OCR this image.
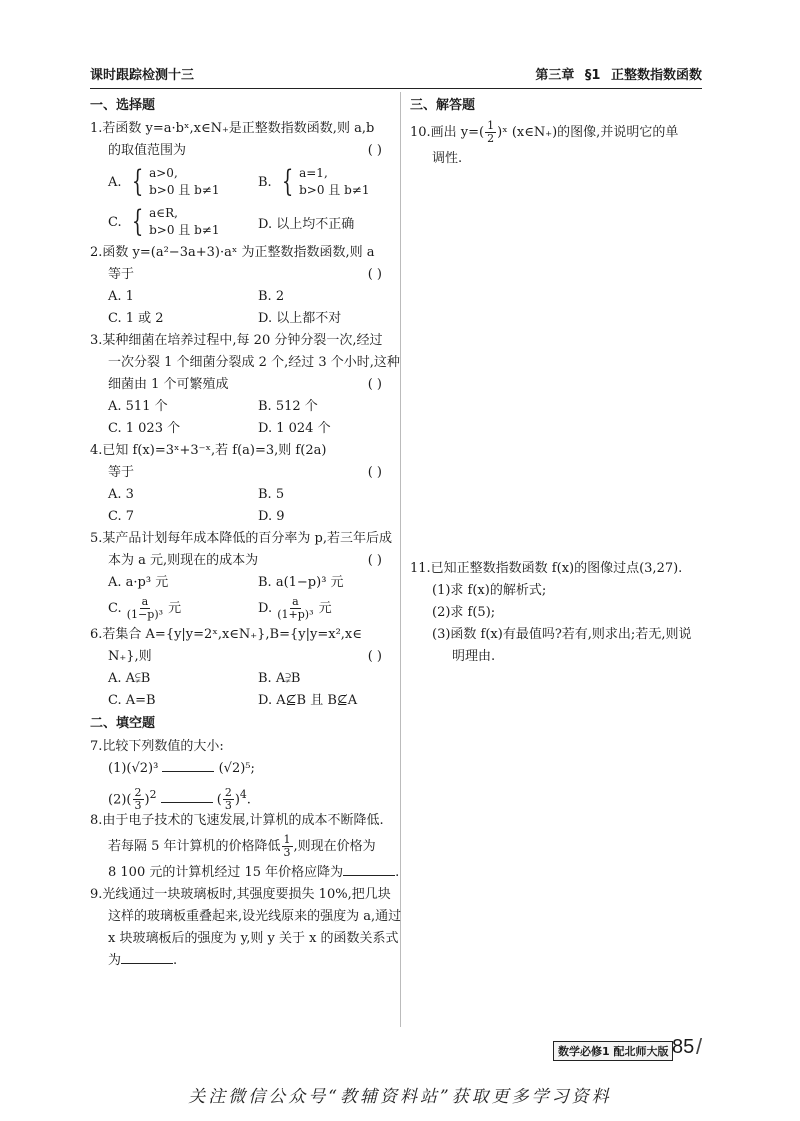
课时跟踪检测十三	第三章 §1 正整数指数函数
一、选择题
1.若函数 y=a·bˣ,x∈N₊是正整数指数函数,则 a,b
的取值范围为	( )
A. { a>0,
b>0 且 b≠1
B. { a=1,
b>0 且 b≠1
C. { a∈R,
b>0 且 b≠1	D. 以上均不正确
2.函数 y=(a²−3a+3)·aˣ 为正整数指数函数,则 a
等于	( )
A. 1	B. 2
C. 1 或 2	D. 以上都不对
3.某种细菌在培养过程中,每 20 分钟分裂一次,经过
一次分裂 1 个细菌分裂成 2 个,经过 3 个小时,这种
细菌由 1 个可繁殖成	( )
A. 511 个	B. 512 个
C. 1 023 个	D. 1 024 个
4.已知 f(x)=3ˣ+3⁻ˣ,若 f(a)=3,则 f(2a)
等于	( )
A. 3	B. 5
C. 7	D. 9
5.某产品计划每年成本降低的百分率为 p,若三年后成
本为 a 元,则现在的成本为	( )
A. a·p³ 元	B. a(1−p)³ 元
C. $\frac{a}{\text{(1−p)³}}$ 元	D. $\frac{a}{\text{(1+p)³}}$ 元
6.若集合 A={y|y=2ˣ,x∈N₊},B={y|y=x²,x∈
N₊},则	( )
A. A⫋B	B. A⫌B
C. A=B	D. A⊈B 且 B⊈A
二、填空题
7.比较下列数值的大小:
(1)(√2)³	(√2)⁵;
$(2)( \frac{2}{3} )^2$	( $\frac{2}{3} )^4$.
8.由于电子技术的飞速发展,计算机的成本不断降低.
若每隔 5 年计算机的价格降低 $\frac{1}{3}$ ,则现在价格为
8 100 元的计算机经过 15 年价格应降为	.
9.光线通过一块玻璃板时,其强度要损失 10%,把几块
这样的玻璃板重叠起来,设光线原来的强度为 a,通过
x 块玻璃板后的强度为 y,则 y 关于 x 的函数关系式
为	.
三、解答题
10.画出 $y=( \frac{1}{2}$ )ˣ (x∈N₊)的图像,并说明它的单
调性.
11.已知正整数指数函数 f(x)的图像过点(3,27).
(1)求 f(x)的解析式;
(2)求 f(5);
(3)函数 f(x)有最值吗?若有,则求出;若无,则说
明理由.
数学必修1 配北师大版 85 /
关注微信公众号“教辅资料站”获取更多学习资料
